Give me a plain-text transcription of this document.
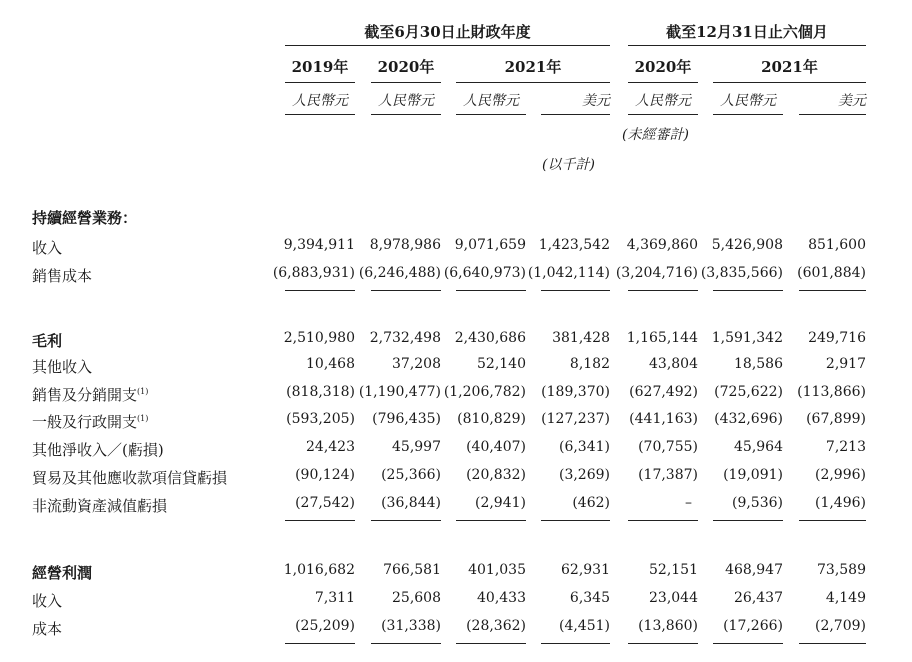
截至6月30日止財政年度	截至12月31日止六個月
2019年	2020年	2021年	2020年	2021年
人民幣元	人民幣元	人民幣元	美元	人民幣元	人民幣元	美元
(未經審計)
(以千計)
持續經營業務：
收入	9,394,911	8,978,986 9,071,659 1,423,542	4,369,860 5,426,908	851,600
銷售成本	(6,883,931) (6,246,488) (6,640,973) (1,042,114) (3,204,716) (3,835,566)	(601,884)
毛利	2,510,980	2,732,498 2,430,686	381,428	1,165,144 1,591,342	249,716
其他收入	10,468	37,208	52,140	8,182	43,804	18,586	2,917
銷售及分銷開支$^{(1)}$	(818,318) (1,190,477) (1,206,782)	(189,370)	(627,492)	(725,622)	(113,866)
一般及行政開支$^{(1)}$	(593,205)	(796,435)	(810,829)	(127,237)	(441,163)	(432,696)	(67,899)
其他淨收入／(虧損)	24,423	45,997	(40,407)	(6,341)	(70,755)	45,964	7,213
貿易及其他應收款項信貸虧損	(90,124)	(25,366)	(20,832)	(3,269)	(17,387)	(19,091)	(2,996)
非流動資產減值虧損	(27,542)	(36,844)	(2,941)	(462)	–	(9,536)	(1,496)
經營利潤	1,016,682	766,581	401,035	62,931	52,151	468,947	73,589
收入	7,311	25,608	40,433	6,345	23,044	26,437	4,149
成本	(25,209)	(31,338)	(28,362)	(4,451)	(13,860)	(17,266)	(2,709)
